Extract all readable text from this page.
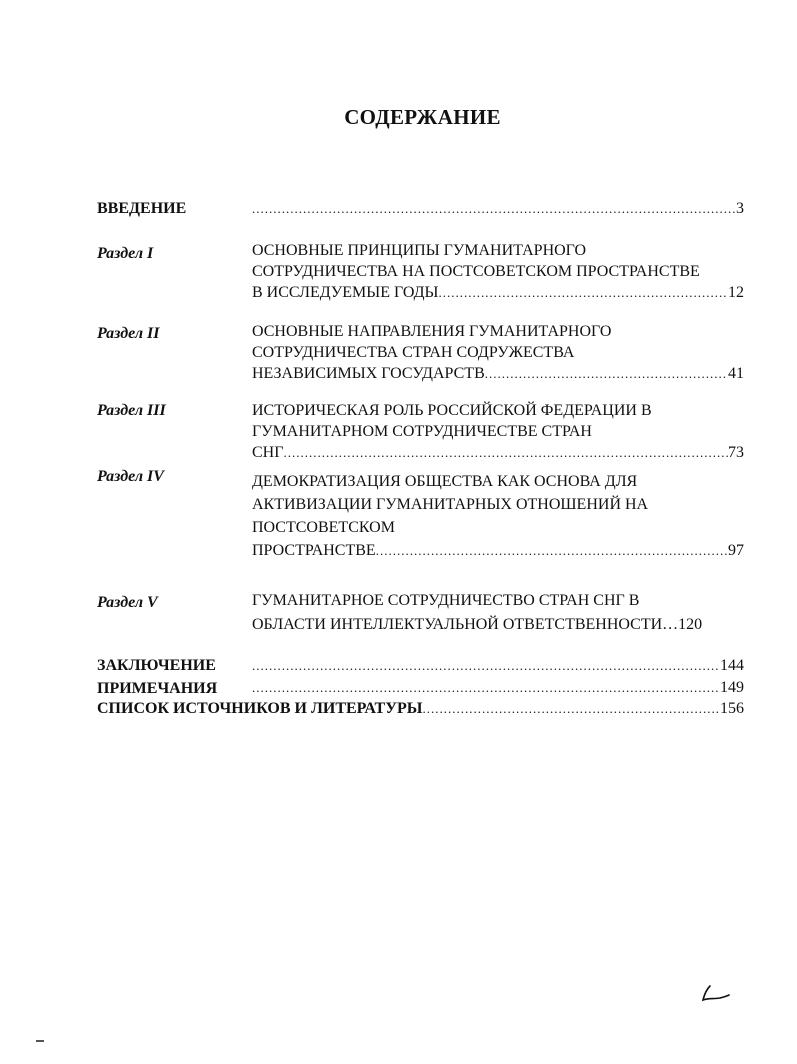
СОДЕРЖАНИЕ
ВВЕДЕНИЕ .....	3
Раздел I	ОСНОВНЫЕ ПРИНЦИПЫ ГУМАНИТАРНОГО
СОТРУДНИЧЕСТВА НА ПОСТСОВЕТСКОМ ПРОСТРАНСТВЕ
В ИССЛЕДУЕМЫЕ ГОДЫ .....	12
Раздел II	ОСНОВНЫЕ НАПРАВЛЕНИЯ ГУМАНИТАРНОГО
СОТРУДНИЧЕСТВА СТРАН СОДРУЖЕСТВА
НЕЗАВИСИМЫХ ГОСУДАРСТВ .....	41
Раздел III	ИСТОРИЧЕСКАЯ РОЛЬ РОССИЙСКОЙ ФЕДЕРАЦИИ В
ГУМАНИТАРНОМ СОТРУДНИЧЕСТВЕ СТРАН
СНГ .....	73
Раздел IV	ДЕМОКРАТИЗАЦИЯ ОБЩЕСТВА КАК ОСНОВА ДЛЯ
АКТИВИЗАЦИИ ГУМАНИТАРНЫХ ОТНОШЕНИЙ НА
ПОСТСОВЕТСКОМ
ПРОСТРАНСТВЕ .....	97
Раздел V	ГУМАНИТАРНОЕ СОТРУДНИЧЕСТВО СТРАН СНГ В
ОБЛАСТИ ИНТЕЛЛЕКТУАЛЬНОЙ ОТВЕТСТВЕННОСТИ… 120
ЗАКЛЮЧЕНИЕ .....	144
ПРИМЕЧАНИЯ .....	149
СПИСОК ИСТОЧНИКОВ И ЛИТЕРАТУРЫ .....	156
